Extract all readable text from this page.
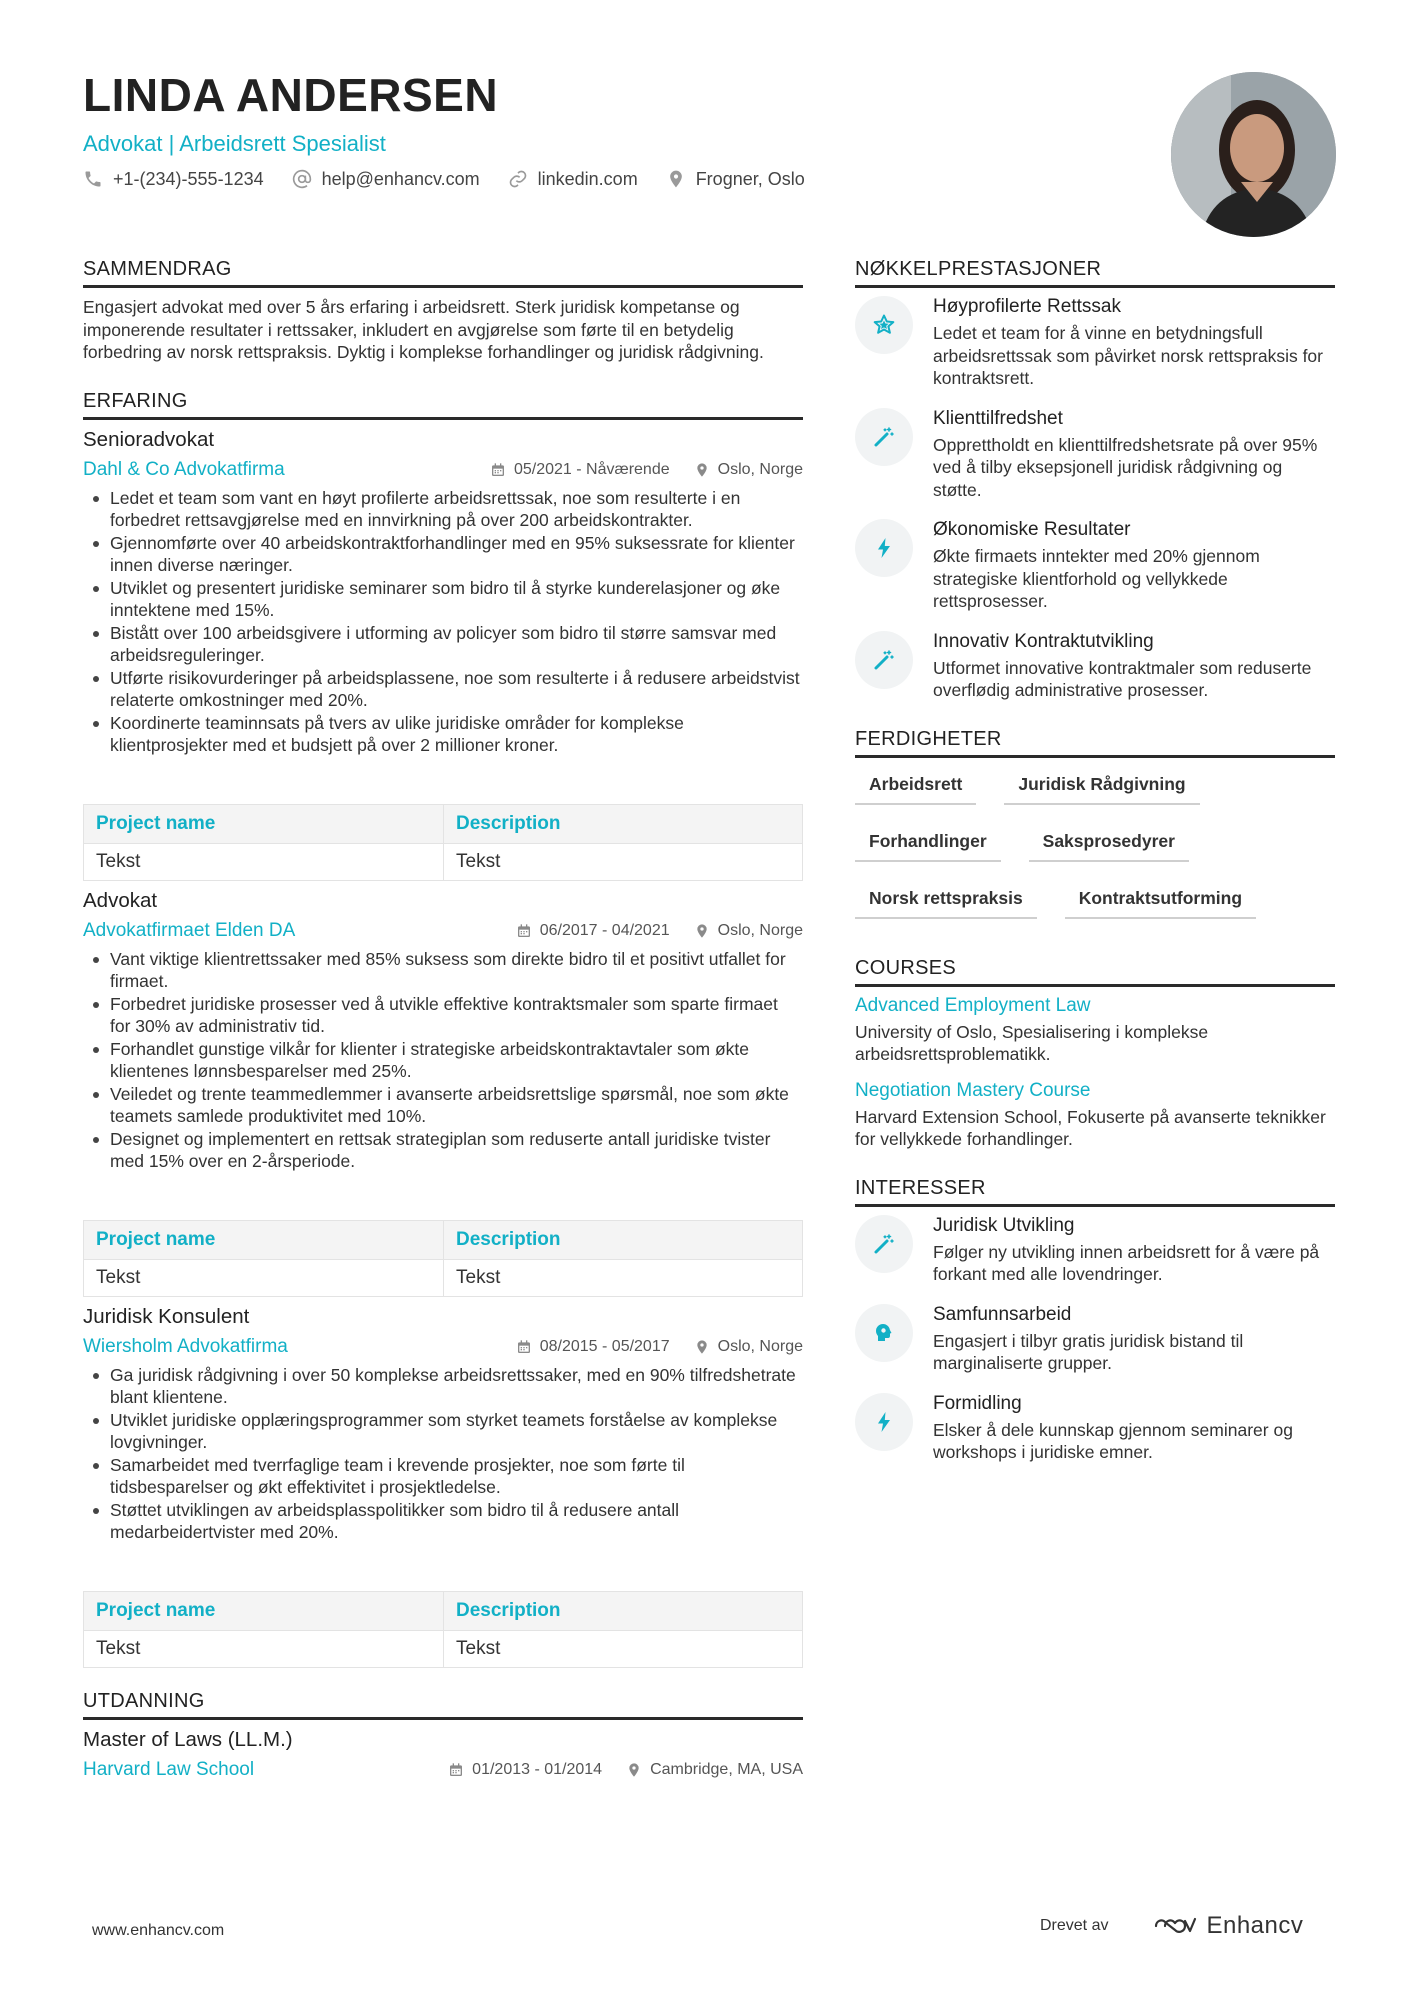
LINDA ANDERSEN
Advokat | Arbeidsrett Spesialist
+1-(234)-555-1234	help@enhancv.com	linkedin.com	Frogner, Oslo
SAMMENDRAG
Engasjert advokat med over 5 års erfaring i arbeidsrett. Sterk juridisk kompetanse og imponerende resultater i rettssaker, inkludert en avgjørelse som førte til en betydelig forbedring av norsk rettspraksis. Dyktig i komplekse forhandlinger og juridisk rådgivning.
ERFARING
Senioradvokat
Dahl & Co Advokatfirma	05/2021 - Nåværende	Oslo, Norge
Ledet et team som vant en høyt profilerte arbeidsrettssak, noe som resulterte i en forbedret rettsavgjørelse med en innvirkning på over 200 arbeidskontrakter.
Gjennomførte over 40 arbeidskontraktforhandlinger med en 95% suksessrate for klienter innen diverse næringer.
Utviklet og presentert juridiske seminarer som bidro til å styrke kunderelasjoner og øke inntektene med 15%.
Bistått over 100 arbeidsgivere i utforming av policyer som bidro til større samsvar med arbeidsreguleringer.
Utførte risikovurderinger på arbeidsplassene, noe som resulterte i å redusere arbeidstvist relaterte omkostninger med 20%.
Koordinerte teaminnsats på tvers av ulike juridiske områder for komplekse klientprosjekter med et budsjett på over 2 millioner kroner.
Project name	Description
Tekst	Tekst
Advokat
Advokatfirmaet Elden DA	06/2017 - 04/2021	Oslo, Norge
Vant viktige klientrettssaker med 85% suksess som direkte bidro til et positivt utfallet for firmaet.
Forbedret juridiske prosesser ved å utvikle effektive kontraktsmaler som sparte firmaet for 30% av administrativ tid.
Forhandlet gunstige vilkår for klienter i strategiske arbeidskontraktavtaler som økte klientenes lønnsbesparelser med 25%.
Veiledet og trente teammedlemmer i avanserte arbeidsrettslige spørsmål, noe som økte teamets samlede produktivitet med 10%.
Designet og implementert en rettsak strategiplan som reduserte antall juridiske tvister med 15% over en 2-årsperiode.
Project name	Description
Tekst	Tekst
Juridisk Konsulent
Wiersholm Advokatfirma	08/2015 - 05/2017	Oslo, Norge
Ga juridisk rådgivning i over 50 komplekse arbeidsrettssaker, med en 90% tilfredshetrate blant klientene.
Utviklet juridiske opplæringsprogrammer som styrket teamets forståelse av komplekse lovgivninger.
Samarbeidet med tverrfaglige team i krevende prosjekter, noe som førte til tidsbesparelser og økt effektivitet i prosjektledelse.
Støttet utviklingen av arbeidsplasspolitikker som bidro til å redusere antall medarbeidertvister med 20%.
Project name	Description
Tekst	Tekst
UTDANNING
Master of Laws (LL.M.)
Harvard Law School	01/2013 - 01/2014	Cambridge, MA, USA
NØKKELPRESTASJONER
Høyprofilerte Rettssak
Ledet et team for å vinne en betydningsfull arbeidsrettssak som påvirket norsk rettspraksis for kontraktsrett.
Klienttilfredshet
Opprettholdt en klienttilfredshetsrate på over 95% ved å tilby eksepsjonell juridisk rådgivning og støtte.
Økonomiske Resultater
Økte firmaets inntekter med 20% gjennom strategiske klientforhold og vellykkede rettsprosesser.
Innovativ Kontraktutvikling
Utformet innovative kontraktmaler som reduserte overflødig administrative prosesser.
FERDIGHETER
Arbeidsrett	Juridisk Rådgivning
Forhandlinger	Saksprosedyrer
Norsk rettspraksis	Kontraktsutforming
COURSES
Advanced Employment Law
University of Oslo, Spesialisering i komplekse arbeidsrettsproblematikk.
Negotiation Mastery Course
Harvard Extension School, Fokuserte på avanserte teknikker for vellykkede forhandlinger.
INTERESSER
Juridisk Utvikling
Følger ny utvikling innen arbeidsrett for å være på forkant med alle lovendringer.
Samfunnsarbeid
Engasjert i tilbyr gratis juridisk bistand til marginaliserte grupper.
Formidling
Elsker å dele kunnskap gjennom seminarer og workshops i juridiske emner.
www.enhancv.com	Drevet av	Enhancv
